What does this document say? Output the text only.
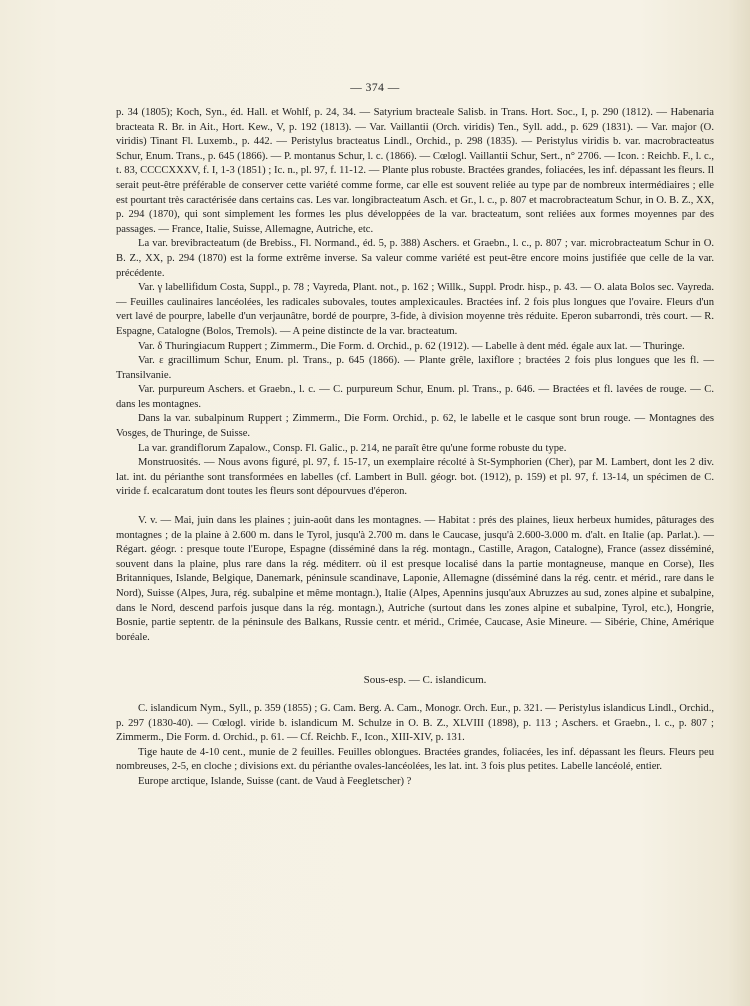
— 374 —

p. 34 (1805); Koch, Syn., éd. Hall. et Wohlf, p. 24, 34. — Satyrium bracteale Salisb. in Trans. Hort. Soc., I, p. 290 (1812). — Habenaria bracteata R. Br. in Ait., Hort. Kew., V, p. 192 (1813). — Var. Vaillantii (Orch. viridis) Ten., Syll. add., p. 629 (1831). — Var. major (O. viridis) Tinant Fl. Luxemb., p. 442. — Peristylus bracteatus Lindl., Orchid., p. 298 (1835). — Peristylus viridis b. var. macrobracteatus Schur, Enum. Trans., p. 645 (1866). — P. montanus Schur, l. c. (1866). — Cœlogl. Vaillantii Schur, Sert., n° 2706. — Icon. : Reichb. F., l. c., t. 83, CCCCXXXV, f. I, 1-3 (1851) ; Ic. n., pl. 97, f. 11-12. — Plante plus robuste. Bractées grandes, foliacées, les inf. dépassant les fleurs. Il serait peut-être préférable de conserver cette variété comme forme, car elle est souvent reliée au type par de nombreux intermédiaires ; elle est pourtant très caractérisée dans certains cas. Les var. longibracteatum Asch. et Gr., l. c., p. 807 et macrobracteatum Schur, in O. B. Z., XX, p. 294 (1870), qui sont simplement les formes les plus développées de la var. bracteatum, sont reliées aux formes moyennes par des passages. — France, Italie, Suisse, Allemagne, Autriche, etc.

La var. brevibracteatum (de Brebiss., Fl. Normand., éd. 5, p. 388) Aschers. et Graebn., l. c., p. 807 ; var. microbracteatum Schur in O. B. Z., XX, p. 294 (1870) est la forme extrême inverse. Sa valeur comme variété est peut-être encore moins justifiée que celle de la var. précédente.

Var. γ labellifidum Costa, Suppl., p. 78 ; Vayreda, Plant. not., p. 162 ; Willk., Suppl. Prodr. hisp., p. 43. — O. alata Bolos sec. Vayreda. — Feuilles caulinaires lancéolées, les radicales subovales, toutes amplexicaules. Bractées inf. 2 fois plus longues que l'ovaire. Fleurs d'un vert lavé de pourpre, labelle d'un verjaunâtre, bordé de pourpre, 3-fide, à division moyenne très réduite. Eperon subarrondi, très court. — R. Espagne, Catalogne (Bolos, Tremols). — A peine distincte de la var. bracteatum.

Var. δ Thuringiacum Ruppert ; Zimmerm., Die Form. d. Orchid., p. 62 (1912). — Labelle à dent méd. égale aux lat. — Thuringe.

Var. ε gracillimum Schur, Enum. pl. Trans., p. 645 (1866). — Plante grêle, laxiflore ; bractées 2 fois plus longues que les fl. — Transilvanie.

Var. purpureum Aschers. et Graebn., l. c. — C. purpureum Schur, Enum. pl. Trans., p. 646. — Bractées et fl. lavées de rouge. — C. dans les montagnes.

Dans la var. subalpinum Ruppert ; Zimmerm., Die Form. Orchid., p. 62, le labelle et le casque sont brun rouge. — Montagnes des Vosges, de Thuringe, de Suisse.

La var. grandiflorum Zapalow., Consp. Fl. Galic., p. 214, ne paraît être qu'une forme robuste du type.

Monstruosités. — Nous avons figuré, pl. 97, f. 15-17, un exemplaire récolté à St-Symphorien (Cher), par M. Lambert, dont les 2 div. lat. int. du périanthe sont transformées en labelles (cf. Lambert in Bull. géogr. bot. (1912), p. 159) et pl. 97, f. 13-14, un spécimen de C. viride f. ecalcaratum dont toutes les fleurs sont dépourvues d'éperon.

V. v. — Mai, juin dans les plaines ; juin-août dans les montagnes. — Habitat : prés des plaines, lieux herbeux humides, pâturages des montagnes ; de la plaine à 2.600 m. dans le Tyrol, jusqu'à 2.700 m. dans le Caucase, jusqu'à 2.600-3.000 m. d'alt. en Italie (ap. Parlat.). — Régart. géogr. : presque toute l'Europe, Espagne (disséminé dans la rég. montagn., Castille, Aragon, Catalogne), France (assez disséminé, souvent dans la plaine, plus rare dans la rég. méditerr. où il est presque localisé dans la partie montagneuse, manque en Corse), Iles Britanniques, Islande, Belgique, Danemark, péninsule scandinave, Laponie, Allemagne (disséminé dans la rég. centr. et mérid., rare dans le Nord), Suisse (Alpes, Jura, rég. subalpine et même montagn.), Italie (Alpes, Apennins jusqu'aux Abruzzes au sud, zones alpine et subalpine, dans le Nord, descend parfois jusque dans la rég. montagn.), Autriche (surtout dans les zones alpine et subalpine, Tyrol, etc.), Hongrie, Bosnie, partie septentr. de la péninsule des Balkans, Russie centr. et mérid., Crimée, Caucase, Asie Mineure. — Sibérie, Chine, Amérique boréale.

Sous-esp. — C. islandicum.

C. islandicum Nym., Syll., p. 359 (1855) ; G. Cam. Berg. A. Cam., Monogr. Orch. Eur., p. 321. — Peristylus islandicus Lindl., Orchid., p. 297 (1830-40). — Cœlogl. viride b. islandicum M. Schulze in O. B. Z., XLVIII (1898), p. 113 ; Aschers. et Graebn., l. c., p. 807 ; Zimmerm., Die Form. d. Orchid., p. 61. — Cf. Reichb. F., Icon., XIII-XIV, p. 131.

Tige haute de 4-10 cent., munie de 2 feuilles. Feuilles oblongues. Bractées grandes, foliacées, les inf. dépassant les fleurs. Fleurs peu nombreuses, 2-5, en cloche ; divisions ext. du périanthe ovales-lancéolées, les lat. int. 3 fois plus petites. Labelle lancéolé, entier.

Europe arctique, Islande, Suisse (cant. de Vaud à Feegletscher) ?
